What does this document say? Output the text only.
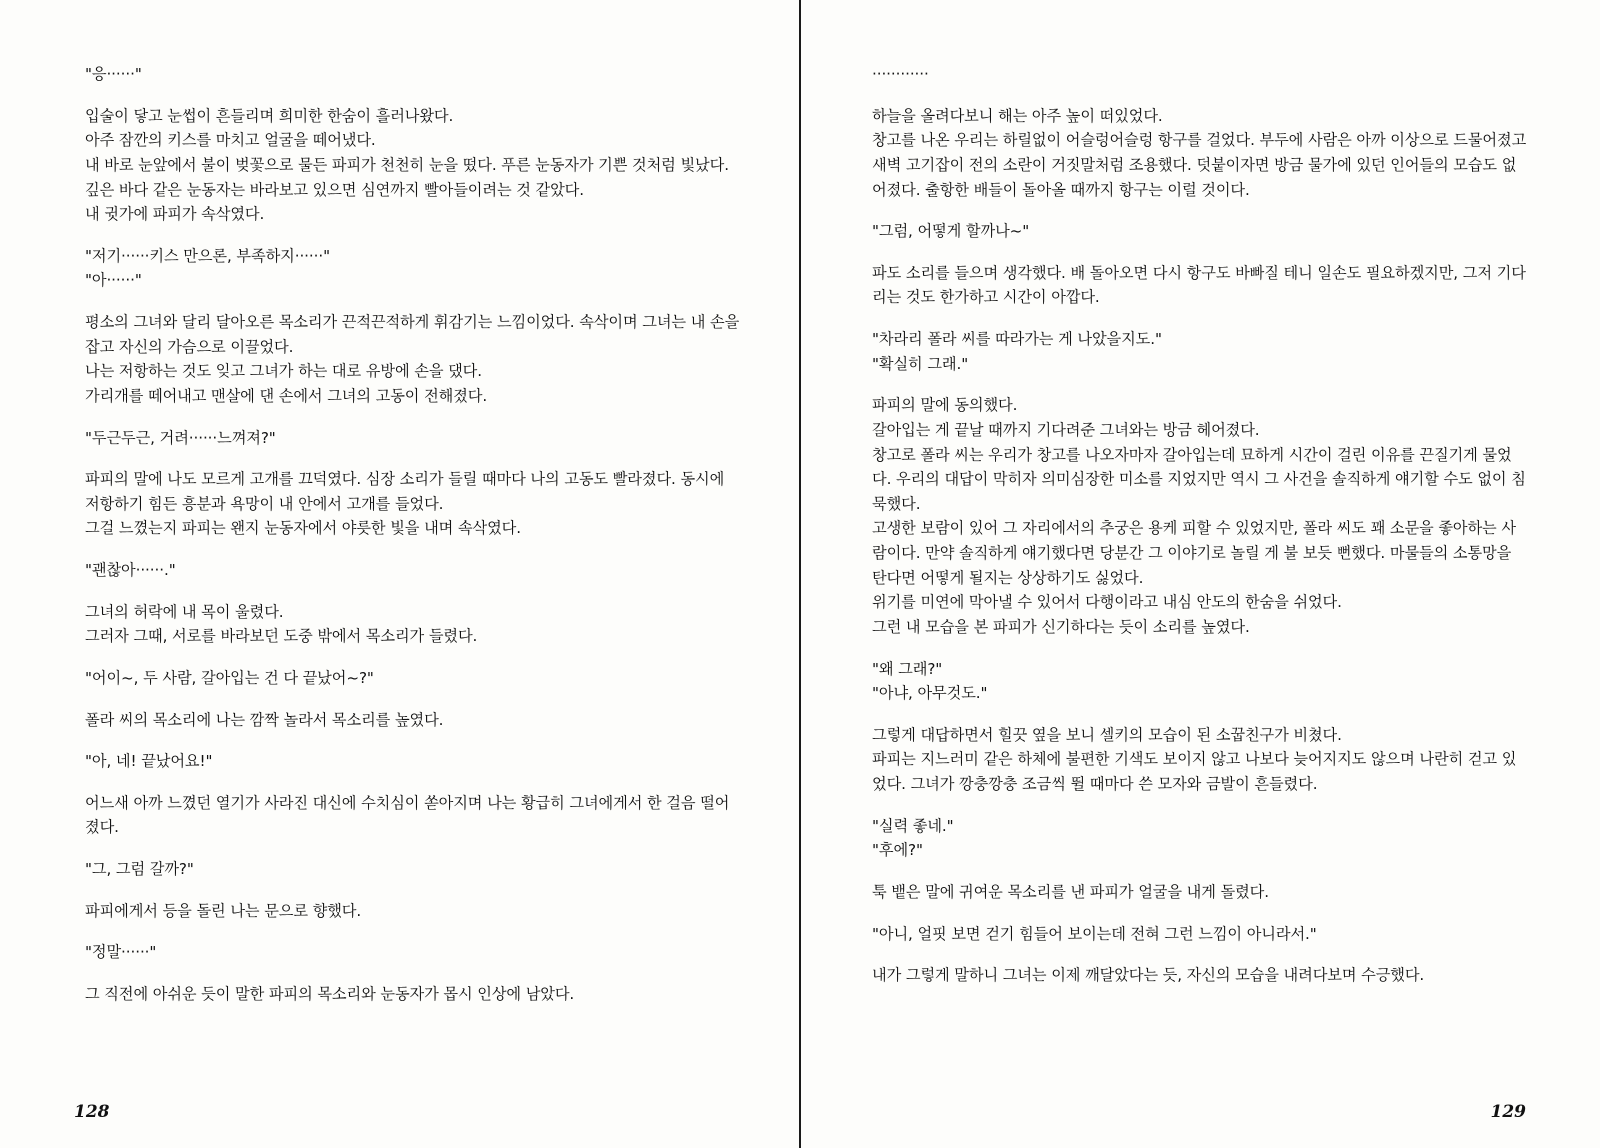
"응······"

입술이 닿고 눈썹이 흔들리며 희미한 한숨이 흘러나왔다.

아주 잠깐의 키스를 마치고 얼굴을 떼어냈다.

내 바로 눈앞에서 불이 벚꽃으로 물든 파피가 천천히 눈을 떴다. 푸른 눈동자가 기쁜 것처럼 빛났다. 깊은 바다 같은 눈동자는 바라보고 있으면 심연까지 빨아들이려는 것 같았다.

내 귓가에 파피가 속삭였다.

"저기······키스 만으론, 부족하지······"

"아······"

평소의 그녀와 달리 달아오른 목소리가 끈적끈적하게 휘감기는 느낌이었다. 속삭이며 그녀는 내 손을 잡고 자신의 가슴으로 이끌었다.

나는 저항하는 것도 잊고 그녀가 하는 대로 유방에 손을 댔다.

가리개를 떼어내고 맨살에 댄 손에서 그녀의 고동이 전해졌다.

"두근두근, 거려······느껴져?"

파피의 말에 나도 모르게 고개를 끄덕였다. 심장 소리가 들릴 때마다 나의 고동도 빨라졌다. 동시에 저항하기 힘든 흥분과 욕망이 내 안에서 고개를 들었다.

그걸 느꼈는지 파피는 왠지 눈동자에서 야릇한 빛을 내며 속삭였다.

"괜찮아······."

그녀의 허락에 내 목이 울렸다.

그러자 그때, 서로를 바라보던 도중 밖에서 목소리가 들렸다.

"어이~, 두 사람, 갈아입는 건 다 끝났어~?"

폴라 씨의 목소리에 나는 깜짝 놀라서 목소리를 높였다.

"아, 네! 끝났어요!"

어느새 아까 느꼈던 열기가 사라진 대신에 수치심이 쏟아지며 나는 황급히 그녀에게서 한 걸음 떨어졌다.

"그, 그럼 갈까?"

파피에게서 등을 돌린 나는 문으로 향했다.

"정말······"

그 직전에 아쉬운 듯이 말한 파피의 목소리와 눈동자가 몹시 인상에 남았다.

128

············

하늘을 올려다보니 해는 아주 높이 떠있었다.

창고를 나온 우리는 하릴없이 어슬렁어슬렁 항구를 걸었다. 부두에 사람은 아까 이상으로 드물어졌고 새벽 고기잡이 전의 소란이 거짓말처럼 조용했다. 덧붙이자면 방금 물가에 있던 인어들의 모습도 없어졌다. 출항한 배들이 돌아올 때까지 항구는 이럴 것이다.

"그럼, 어떻게 할까나~"

파도 소리를 들으며 생각했다. 배 돌아오면 다시 항구도 바빠질 테니 일손도 필요하겠지만, 그저 기다리는 것도 한가하고 시간이 아깝다.

"차라리 폴라 씨를 따라가는 게 나았을지도."

"확실히 그래."

파피의 말에 동의했다.

갈아입는 게 끝날 때까지 기다려준 그녀와는 방금 헤어졌다.

창고로 폴라 씨는 우리가 창고를 나오자마자 갈아입는데 묘하게 시간이 걸린 이유를 끈질기게 물었다. 우리의 대답이 막히자 의미심장한 미소를 지었지만 역시 그 사건을 솔직하게 얘기할 수도 없이 침묵했다.

고생한 보람이 있어 그 자리에서의 추궁은 용케 피할 수 있었지만, 폴라 씨도 꽤 소문을 좋아하는 사람이다. 만약 솔직하게 얘기했다면 당분간 그 이야기로 놀릴 게 불 보듯 뻔했다. 마물들의 소통망을 탄다면 어떻게 될지는 상상하기도 싫었다.

위기를 미연에 막아낼 수 있어서 다행이라고 내심 안도의 한숨을 쉬었다.

그런 내 모습을 본 파피가 신기하다는 듯이 소리를 높였다.

"왜 그래?"

"아냐, 아무것도."

그렇게 대답하면서 힐끗 옆을 보니 셀키의 모습이 된 소꿉친구가 비쳤다.

파피는 지느러미 같은 하체에 불편한 기색도 보이지 않고 나보다 늦어지지도 않으며 나란히 걷고 있었다. 그녀가 깡충깡충 조금씩 뛸 때마다 쓴 모자와 금발이 흔들렸다.

"실력 좋네."

"후에?"

툭 뱉은 말에 귀여운 목소리를 낸 파피가 얼굴을 내게 돌렸다.

"아니, 얼핏 보면 걷기 힘들어 보이는데 전혀 그런 느낌이 아니라서."

내가 그렇게 말하니 그녀는 이제 깨달았다는 듯, 자신의 모습을 내려다보며 수긍했다.

129
